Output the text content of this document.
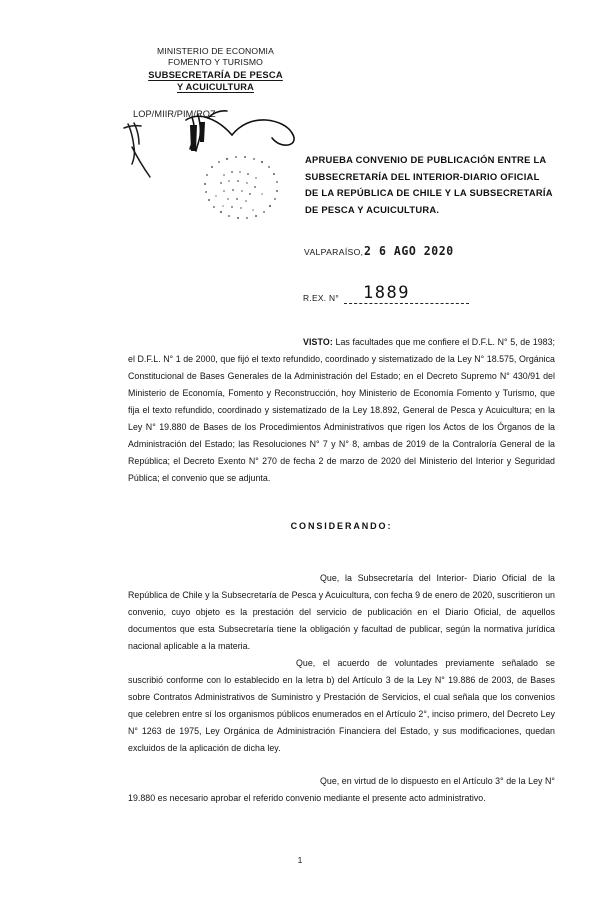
MINISTERIO DE ECONOMIA
FOMENTO Y TURISMO
SUBSECRETARÍA DE PESCA
Y ACUICULTURA
LOP/MIIR/PIM/ROZ
APRUEBA CONVENIO DE PUBLICACIÓN ENTRE LA SUBSECRETARÍA DEL INTERIOR-DIARIO OFICIAL DE LA REPÚBLICA DE CHILE Y LA SUBSECRETARÍA DE PESCA Y ACUICULTURA.
VALPARAÍSO, 2 6 AGO 2020
R.EX. N° 1889

VISTO: Las facultades que me confiere el D.F.L. N° 5, de 1983; el D.F.L. N° 1 de 2000, que fijó el texto refundido, coordinado y sistematizado de la Ley N° 18.575, Orgánica Constitucional de Bases Generales de la Administración del Estado; en el Decreto Supremo N° 430/91 del Ministerio de Economía, Fomento y Reconstrucción, hoy Ministerio de Economía Fomento y Turismo, que fija el texto refundido, coordinado y sistematizado de la Ley 18.892, General de Pesca y Acuicultura; en la Ley N° 19.880 de Bases de los Procedimientos Administrativos que rigen los Actos de los Órganos de la Administración del Estado; las Resoluciones N° 7 y N° 8, ambas de 2019 de la Contraloría General de la República; el Decreto Exento N° 270 de fecha 2 de marzo de 2020 del Ministerio del Interior y Seguridad Pública; el convenio que se adjunta.

CONSIDERANDO:

Que, la Subsecretaría del Interior- Diario Oficial de la República de Chile y la Subsecretaría de Pesca y Acuicultura, con fecha 9 de enero de 2020, suscritieron un convenio, cuyo objeto es la prestación del servicio de publicación en el Diario Oficial, de aquellos documentos que esta Subsecretaría tiene la obligación y facultad de publicar, según la normativa jurídica nacional aplicable a la materia.

Que, el acuerdo de voluntades previamente señalado se suscribió conforme con lo establecido en la letra b) del Artículo 3 de la Ley N° 19.886 de 2003, de Bases sobre Contratos Administrativos de Suministro y Prestación de Servicios, el cual señala que los convenios que celebren entre sí los organismos públicos enumerados en el Artículo 2°, inciso primero, del Decreto Ley N° 1263 de 1975, Ley Orgánica de Administración Financiera del Estado, y sus modificaciones, quedan excluidos de la aplicación de dicha ley.

Que, en virtud de lo dispuesto en el Artículo 3° de la Ley N° 19.880 es necesario aprobar el referido convenio mediante el presente acto administrativo.

1
